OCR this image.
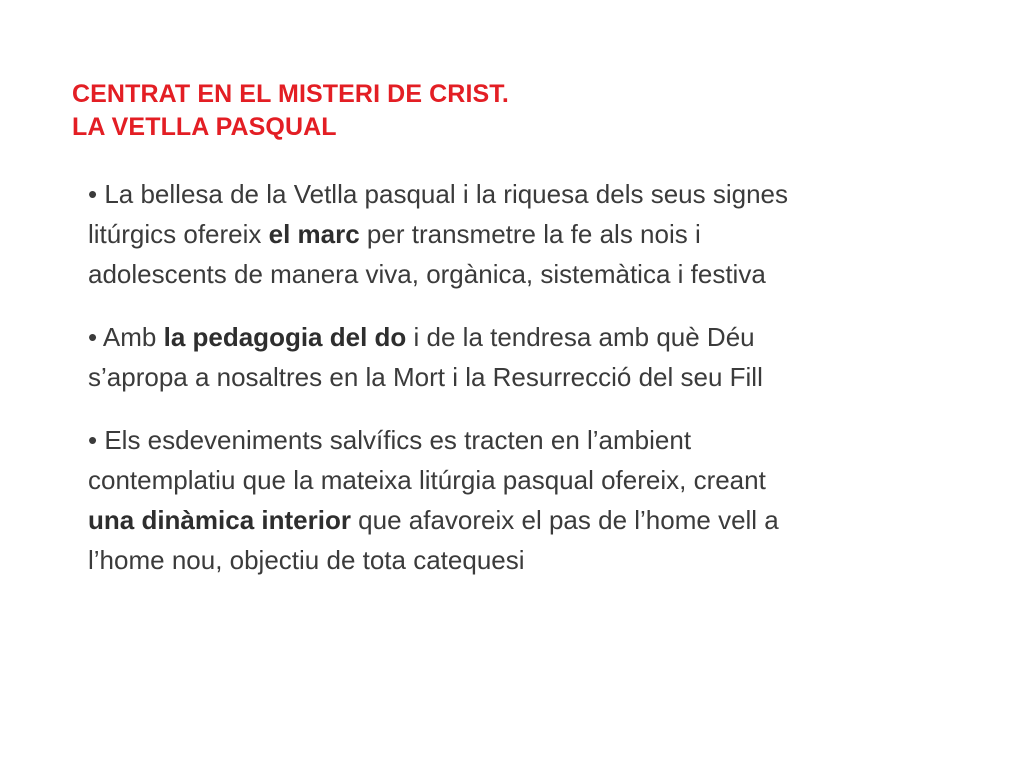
CENTRAT EN EL MISTERI DE CRIST.
LA VETLLA PASQUAL
• La bellesa de la Vetlla pasqual i la riquesa dels seus signes
litúrgics ofereix el marc per transmetre la fe als nois i
adolescents de manera viva, orgànica, sistemàtica i festiva
• Amb la pedagogia del do i de la tendresa amb què Déu
s’apropa a nosaltres en la Mort i la Resurrecció del seu Fill
• Els esdeveniments salvífics es tracten en l’ambient
contemplatiu que la mateixa litúrgia pasqual ofereix, creant
una dinàmica interior que afavoreix el pas de l’home vell a
l’home nou, objectiu de tota catequesi
